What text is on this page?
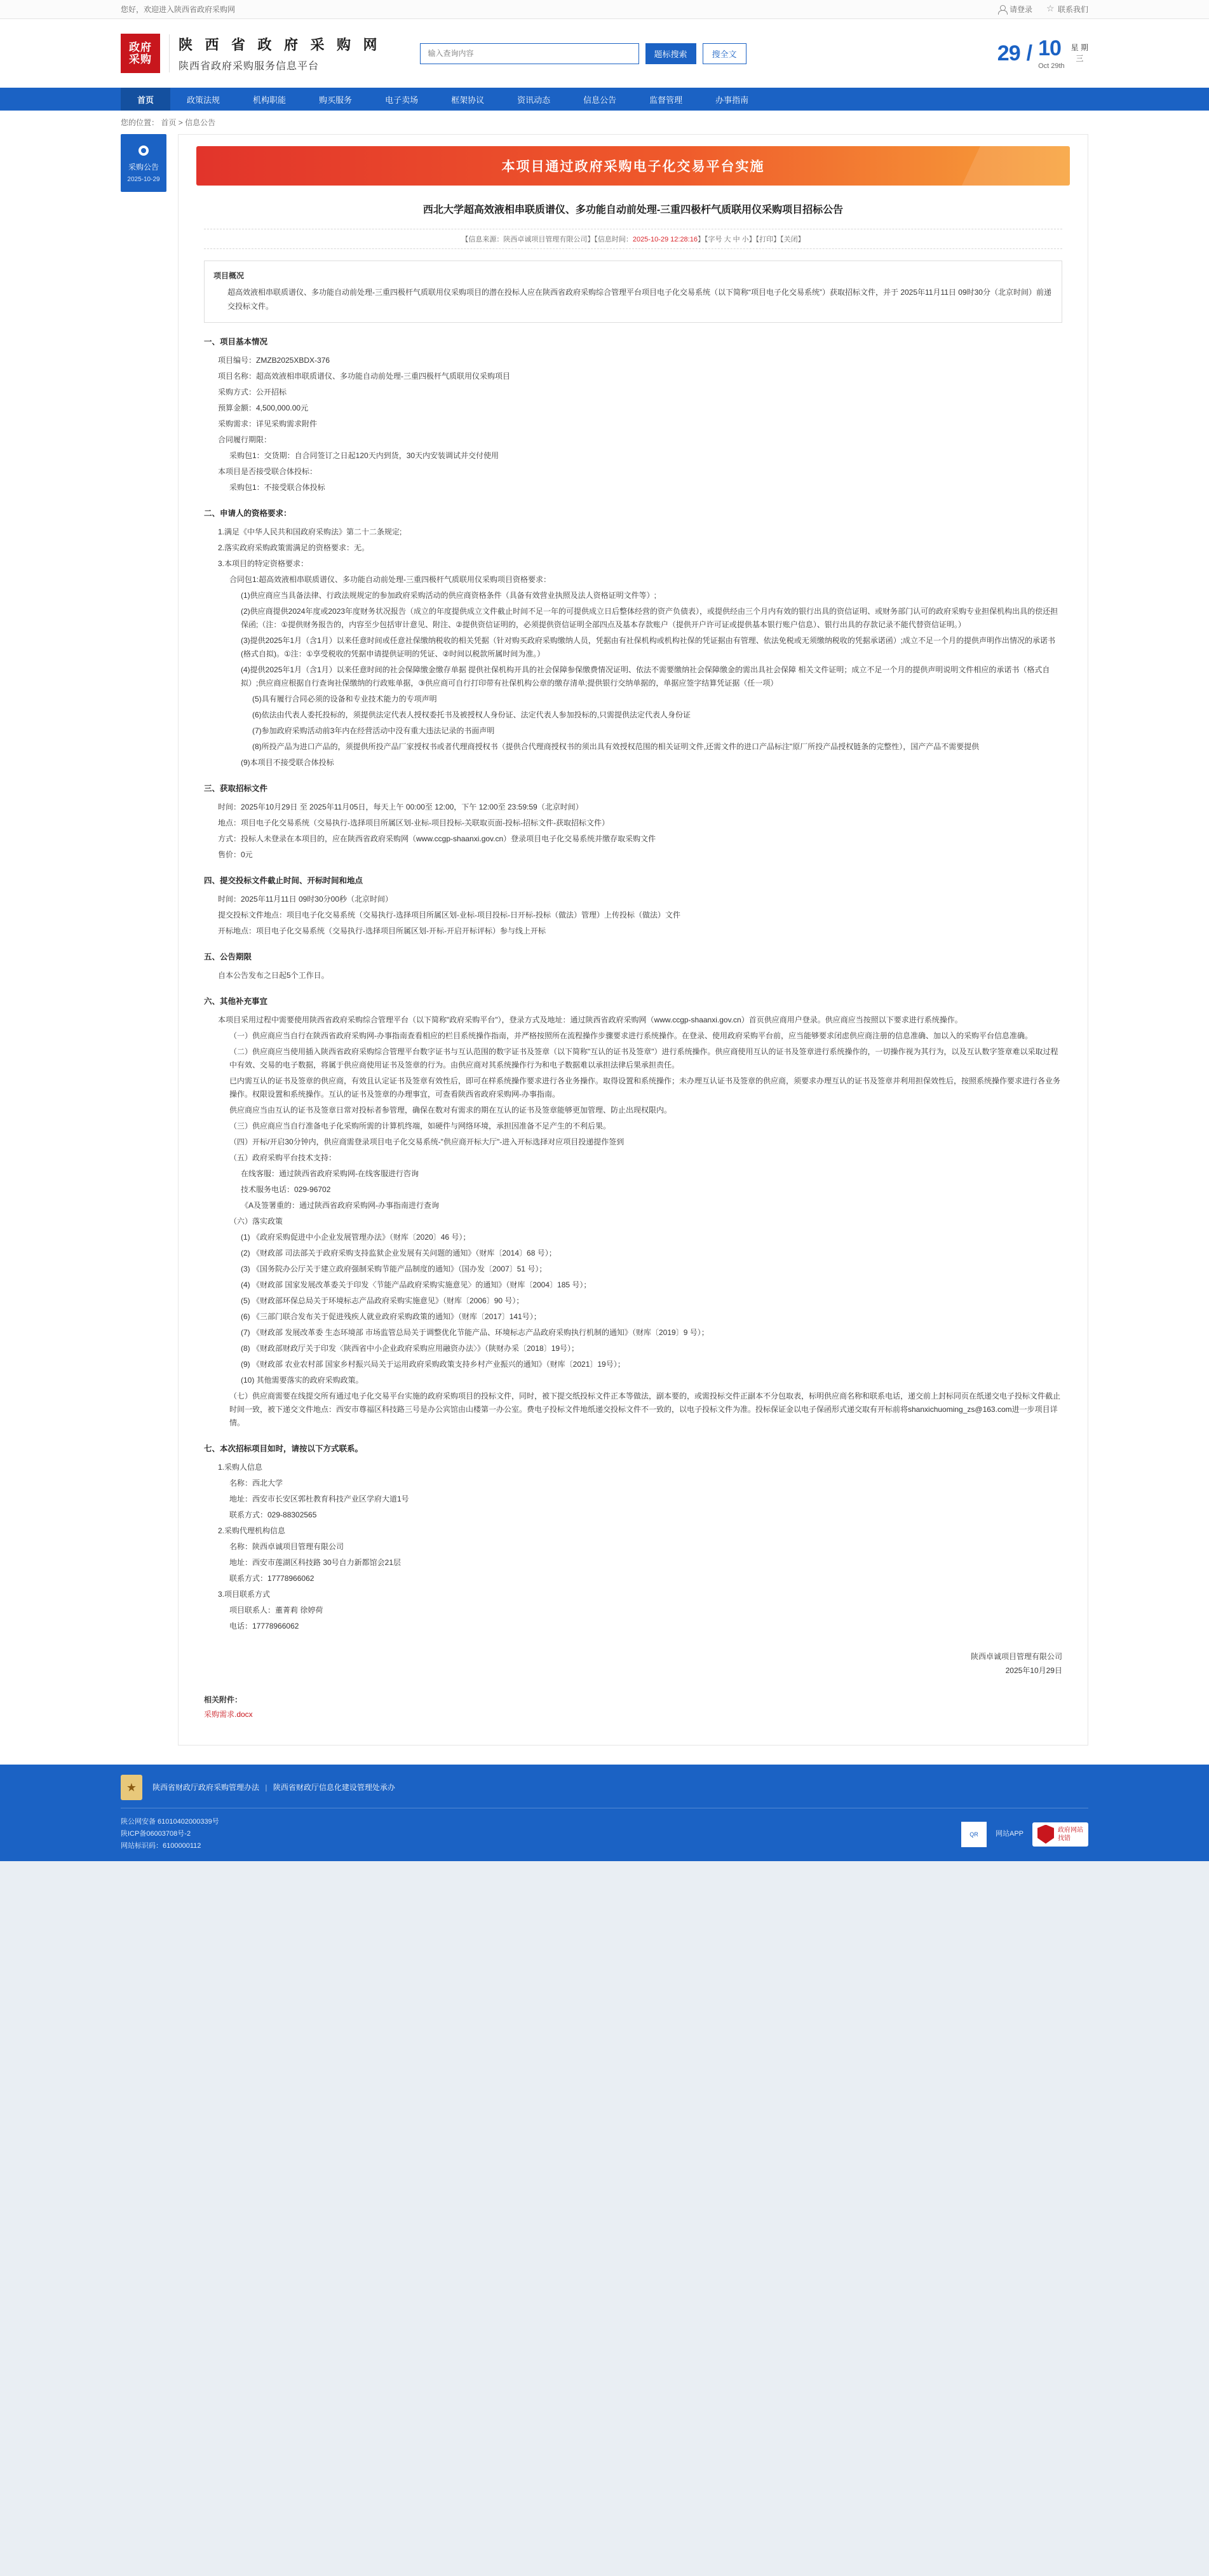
您好，欢迎进入陕西省政府采购网	请登录 ☆	联系我们
政府
采购
陕 西 省 政 府 采 购 网
陕西省政府采购服务信息平台
输入查询内容
题标搜索	搜全文	29 / 10
Oct 29th
星 期
三
首页	政策法规	机构职能	购买服务	电子卖场	框架协议	资讯动态	信息公告	监督管理	办事指南
您的位置： 首页 > 信息公告
采购公告
2025-10-29
本项目通过政府采购电子化交易平台实施
西北大学超高效液相串联质谱仪、多功能自动前处理-三重四极杆气质联用仪采购项目招标公告
【信息来源：陕西卓诚项目管理有限公司】【信息时间：2025-10-29 12:28:16】【字号 大 中 小】【打印】【关闭】
项目概况
超高效液相串联质谱仪、多功能自动前处理-三重四极杆气质联用仪采购项目的潜在投标人应在陕西省政府采购综合管理平台项目电子化交易系统（以下简称“项目电子化交易系统”）获取招标文件，并于 2025年11月11日 09时30分（北京时间）前递交投标文件。
一、项目基本情况

项目编号：ZMZB2025XBDX-376

项目名称：超高效液相串联质谱仪、多功能自动前处理-三重四极杆气质联用仪采购项目

采购方式：公开招标

预算金额：4,500,000.00元

采购需求：详见采购需求附件

合同履行期限：

采购包1：交货期：自合同签订之日起120天内到货，30天内安装调试并交付使用

本项目是否接受联合体投标：

采购包1：不接受联合体投标

二、申请人的资格要求：

1.满足《中华人民共和国政府采购法》第二十二条规定;

2.落实政府采购政策需满足的资格要求：无。

3.本项目的特定资格要求：

合同包1:超高效液相串联质谱仪、多功能自动前处理-三重四极杆气质联用仪采购项目资格要求：

(1)供应商应当具备法律、行政法规规定的参加政府采购活动的供应商资格条件（具备有效营业执照及法人资格证明文件等）;

(2)供应商提供2024年度或2023年度财务状况报告（成立的年度提供成立文件截止时间不足一年的可提供成立日后整体经营的资产负债表），或提供经由三个月内有效的银行出具的资信证明、或财务部门认可的政府采购专业担保机构出具的偿还担保函;（注：①提供财务报告的，内容至少包括审计意见、附注、②提供资信证明的，必须提供资信证明全部四点及基本存款账户（提供开户许可证或提供基本银行账户信息）、银行出具的存款记录不能代替资信证明。）

(3)提供2025年1月（含1月）以来任意时间或任意社保缴纳税收的相关凭据（针对购买政府采购缴纳人员，凭据由有社保机构或机构社保的凭证据由有管理、依法免税或无须缴纳税收的凭据承诺函）;成立不足一个月的提供声明作出情况的承诺书(格式自拟)。①注：①享受税收的凭据申请提供证明的凭证、②时间以税款所属时间为准。）

(4)提供2025年1月（含1月）以来任意时间的社会保障缴金缴存单据 提供社保机构开具的社会保障参保缴费情况证明、依法不需要缴纳社会保障缴金的需出具社会保障 相关文件证明；成立不足一个月的提供声明说明文件相应的承诺书（格式自拟）;供应商应根据自行查询社保缴纳的行政账单据，③供应商可自行打印带有社保机构公章的缴存清单;提供银行交纳单据的，单据应签字结算凭证据（任一项）

(5)具有履行合同必须的设备和专业技术能力的专项声明

(6)依法由代表人委托投标的，须提供法定代表人授权委托书及被授权人身份证、法定代表人参加投标的,只需提供法定代表人身份证

(7)参加政府采购活动前3年内在经营活动中没有重大违法记录的书面声明

(8)所投产品为进口产品的，须提供所投产品厂家授权书或者代理商授权书（提供合代理商授权书的须出具有效授权范围的相关证明文件,还需文件的进口产品标注"原厂所投产品授权链条的完整性），国产产品不需要提供

(9)本项目不接受联合体投标

三、获取招标文件

时间：2025年10月29日 至 2025年11月05日，每天上午 00:00至 12:00，下午 12:00至 23:59:59（北京时间）

地点：项目电子化交易系统（交易执行-选择项目所属区划-业标-项目投标-关联取页面-投标-招标文件-获取招标文件）

方式：投标人未登录在本项目的，应在陕西省政府采购网（www.ccgp-shaanxi.gov.cn）登录项目电子化交易系统并缴存取采购文件

售价：0元

四、提交投标文件截止时间、开标时间和地点

时间：2025年11月11日 09时30分00秒（北京时间）

提交投标文件地点：项目电子化交易系统（交易执行-选择项目所属区划-业标-项目投标-日开标-投标（做法）管理）上传投标（做法）文件

开标地点：项目电子化交易系统（交易执行-选择项目所属区划-开标-开启开标评标）参与线上开标

五、公告期限

自本公告发布之日起5个工作日。

六、其他补充事宜

本项目采用过程中需要使用陕西省政府采购综合管理平台（以下简称"政府采购平台"），登录方式及地址：通过陕西省政府采购网（www.ccgp-shaanxi.gov.cn）首页供应商用户登录。供应商应当按照以下要求进行系统操作。

（一）供应商应当自行在陕西省政府采购网-办事指南查看相应的栏目系统操作指南，并严格按照所在流程操作步骤要求进行系统操作。在登录、使用政府采购平台前，应当能够要求闭虑供应商注册的信息准确、加以入的采购平台信息准确。

（二）供应商应当使用插入陕西省政府采购综合管理平台数字证书与互认范围的数字证书及签章（以下简称"互认的证书及签章"）进行系统操作。供应商使用互认的证书及签章进行系统操作的，一切操作视为其行为，以及互认数字签章难以采取过程中有效、交易的电子数据，将属于供应商使用证书及签章的行为。由供应商对其系统操作行为和电子数据难以承担法律后果承担责任。

已内需互认的证书及签章的供应商，有效且认定证书及签章有效性后，即可在样系统操作要求进行各业务操作。取得设置和系统操作；未办理互认证书及签章的供应商，须要求办理互认的证书及签章并利用担保效性后，按照系统操作要求进行各业务操作。权限设置和系统操作。互认的证书及签章的办理事宜，可查看陕西省政府采购网-办事指南。

供应商应当由互认的证书及签章日常对投标者参管理，确保在数对有需求的期在互认的证书及签章能够更加管理、防止出现权限内。

（三）供应商应当自行准备电子化采购所需的计算机终端，如硬件与网络环境，承担因准备不足产生的不利后果。

（四）开标/开启30分钟内，供应商需登录项目电子化交易系统-"供应商开标大厅"-进入开标选择对应项目投递提作签到

（五）政府采购平台技术支持：

在线客服：通过陕西省政府采购网-在线客服进行咨询

技术服务电话：029-96702

《A及签署重的：通过陕西省政府采购网-办事指南进行查询

（六）落实政策

(1) 《政府采购促进中小企业发展管理办法》（财库〔2020〕46 号）；

(2) 《财政部 司法部关于政府采购支持监狱企业发展有关问题的通知》（财库〔2014〕68 号）；

(3) 《国务院办公厅关于建立政府强制采购节能产品制度的通知》（国办发〔2007〕51 号）；

(4) 《财政部 国家发展改革委关于印发〈节能产品政府采购实施意见〉的通知》（财库〔2004〕185 号）；

(5) 《财政部环保总局关于环境标志产品政府采购实施意见》（财库〔2006〕90 号）；

(6) 《三部门联合发布关于促进残疾人就业政府采购政策的通知》（财库〔2017〕141号）；

(7) 《财政部 发展改革委 生态环境部 市场监管总局关于调整优化节能产品、环境标志产品政府采购执行机制的通知》（财库〔2019〕9 号）；

(8) 《财政部财政厅关于印发〈陕西省中小企业政府采购应用融资办法〉》（陕财办采〔2018〕19号）；

(9) 《财政部 农业农村部 国家乡村振兴局关于运用政府采购政策支持乡村产业振兴的通知》（财库〔2021〕19号）；

(10) 其他需要落实的政府采购政策。

（七）供应商需要在线提交所有通过电子化交易平台实施的政府采购项目的投标文件，同时，被下提交纸投标文件正本等做法，副本要的，或需投标交件正副本不分包取表，标明供应商名称和联系电话，递交前上封标同页在纸递交电子投标文件截止时间一致，被下递交文件地点：西安市尊福区科技路三号是办公宾馆由山楼第一办公室。费电子投标文件地纸递交投标文件不一致的，以电子投标文件为准。投标保证金以电子保函形式递交取有开标前将shanxichuoming_zs@163.com进一步项目详情。

七、本次招标项目如时，请按以下方式联系。

1.采购人信息

名称：西北大学

地址：西安市长安区郭杜教育科技产业区学府大道1号

联系方式：029-88302565

2.采购代理机构信息

名称：陕西卓诚项目管理有限公司

地址：西安市莲湖区科技路 30号自力新都馆会21层

联系方式：17778966062

3.项目联系方式

项目联系人：董菁莉 徐婷荷

电话：17778966062

陕西卓诚项目管理有限公司
2025年10月29日
相关附件：
采购需求.docx
★	陕西省财政厅政府采购管理办法 | 陕西省财政厅信息化建设管理处承办
陕公网安备 61010402000339号
陕ICP备06003708号-2
网站标识码：6100000112
QR	网站APP	政府网站
找错
